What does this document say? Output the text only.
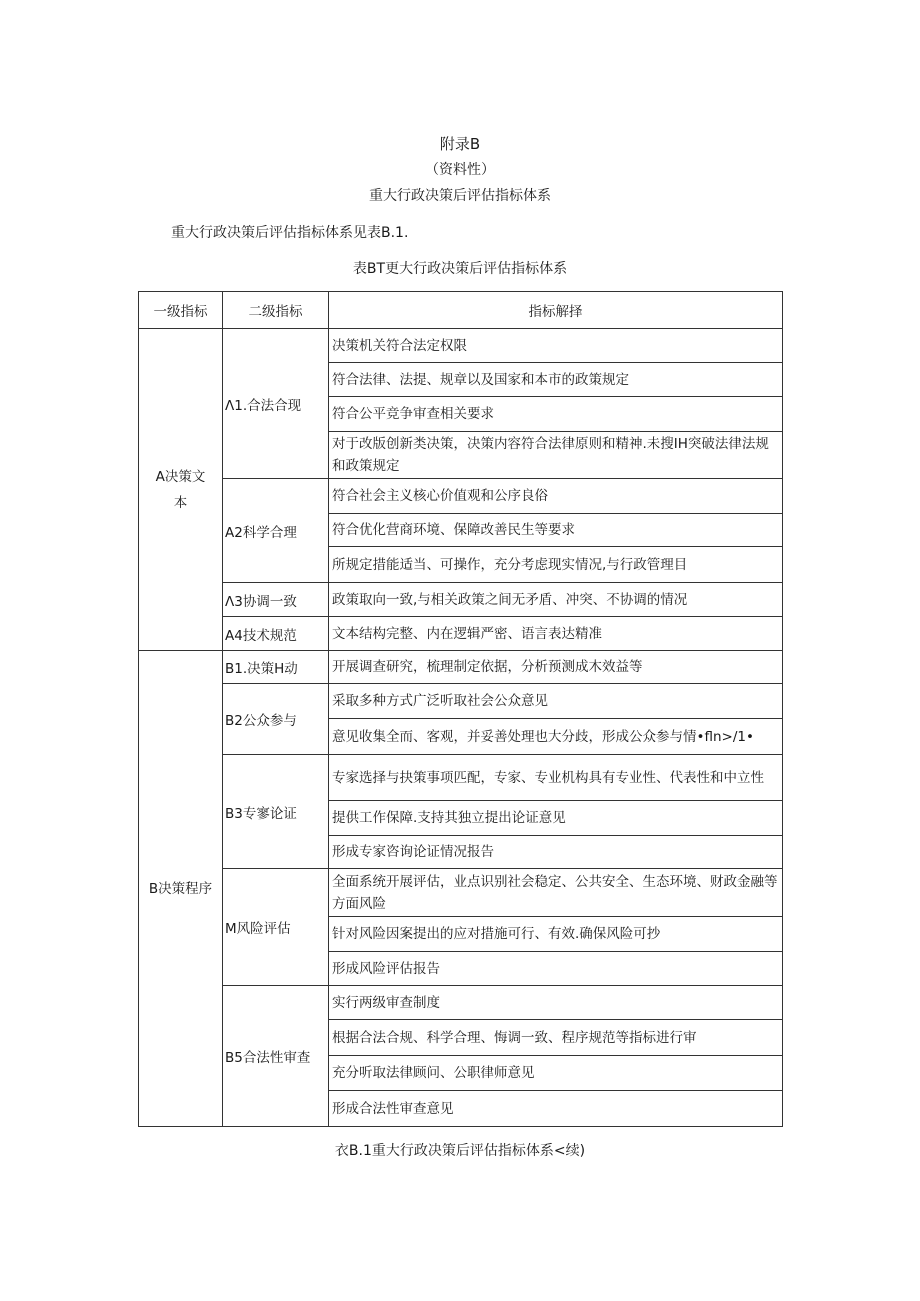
附录B
（资料性）
重大行政决策后评估指标体系
重大行政决策后评估指标体系见表B.1.
表BT更大行政决策后评估指标体系
一级指标	二级指标	指标解择
A决策文本	Λ1.合法合现	决策机关符合法定权限
		符合法律、法提、规章以及国家和本市的政策规定
		符合公平竞争审查相关要求
		对于改版创新类决策，决策内容符合法律原则和精神.未搜ΙΗ突破法律法规和政策规定
	A2科学合理	符合社会主义核心价值观和公序良俗
		符合优化营商环境、保障改善民生等要求
		所规定措能适当、可操作，充分考虑现实情况,与行政管理目
	Λ3协调一致	政策取向一致,与相关政策之间无矛盾、冲突、不协调的情况
	A4技术规范	文本结构完整、内在逻辑严密、语言表达精准
B决策程序	B1.决策H动	开展调查研究，梳理制定依据，分析预测成木效益等
	B2公众参与	采取多种方式广泛听取社会公众意见
		意见收集全而、客观，并妥善处理也大分歧，形成公众参与情•fln>/1•
	B3专寥论证	专家选择与抉策事项匹配，专家、专业机构具有专业性、代表性和中立性
		提供工作保障.支持其独立提出论证意见
		形成专家咨询论证情况报告
	M风险评估	全面系统开展评估，业点识别社会稳定、公共安全、生态环境、财政金融等方面风险
		针对风险因案提出的应对措施可行、有效.确保风险可抄
		形成风险评估报告
	B5合法性审查	实行两级审查制度
		根据合法合规、科学合理、悔调一致、程序规范等指标进行审
		充分听取法律顾问、公职律师意见
		形成合法性审查意见
衣B.1重大行政决策后评估指标体系<续)
